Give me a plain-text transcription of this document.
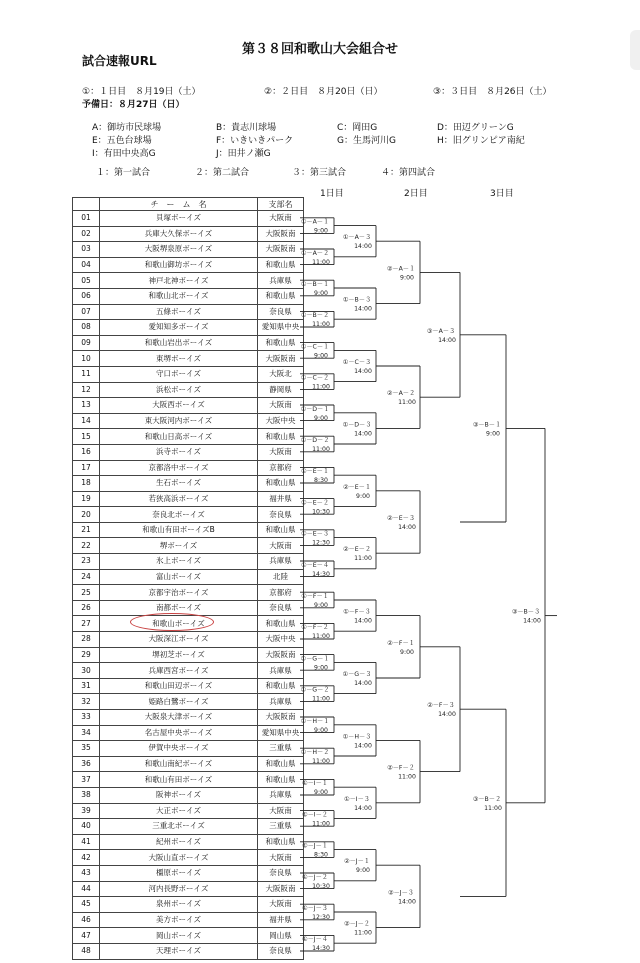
第３８回和歌山大会組合せ
試合速報URL
①：１日目　８月19日（土）	②：２日目　８月20日（日）	③：３日目　８月26日（土）
予備日：８月27日（日）
A：御坊市民球場	B：貴志川球場	C：岡田G	D：田辺グリーンG
E：五色台球場	F：いきいきパーク	G：生馬河川G	H：旧グリンピア南紀
I：有田中央高G	J：田井ノ瀬G
１：第一試合	２：第二試合	３：第三試合	４：第四試合
1日目	2日目	3日目
	チ　ー　ム　名	支部名
01	貝塚ボーイズ	大阪南
02	兵庫大久保ボーイズ	大阪阪南
03	大阪堺泉原ボーイズ	大阪阪南
04	和歌山御坊ボーイズ	和歌山県
05	神戸北神ボーイズ	兵庫県
06	和歌山北ボーイズ	和歌山県
07	五條ボーイズ	奈良県
08	愛知知多ボーイズ	愛知県中央
09	和歌山岩出ボーイズ	和歌山県
10	東堺ボーイズ	大阪阪南
11	守口ボーイズ	大阪北
12	浜松ボーイズ	静岡県
13	大阪西ボーイズ	大阪南
14	東大阪河内ボーイズ	大阪中央
15	和歌山日高ボーイズ	和歌山県
16	浜寺ボーイズ	大阪南
17	京都洛中ボーイズ	京都府
18	生石ボーイズ	和歌山県
19	若狭高浜ボーイズ	福井県
20	奈良北ボーイズ	奈良県
21	和歌山有田ボーイズB	和歌山県
22	堺ボーイズ	大阪南
23	氷上ボーイズ	兵庫県
24	富山ボーイズ	北陸
25	京都宇治ボーイズ	京都府
26	南都ボーイズ	奈良県
27	和歌山ボーイズ	和歌山県
28	大阪深江ボーイズ	大阪中央
29	堺初芝ボーイズ	大阪阪南
30	兵庫西宮ボーイズ	兵庫県
31	和歌山田辺ボーイズ	和歌山県
32	姫路白鷺ボーイズ	兵庫県
33	大阪泉大津ボーイズ	大阪阪南
34	名古屋中央ボーイズ	愛知県中央
35	伊賀中央ボーイズ	三重県
36	和歌山南紀ボーイズ	和歌山県
37	和歌山有田ボーイズ	和歌山県
38	阪神ボーイズ	兵庫県
39	大正ボーイズ	大阪南
40	三重北ボーイズ	三重県
41	紀州ボーイズ	和歌山県
42	大阪山直ボーイズ	大阪南
43	橿原ボーイズ	奈良県
44	河内長野ボーイズ	大阪阪南
45	泉州ボーイズ	大阪南
46	美方ボーイズ	福井県
47	岡山ボーイズ	岡山県
48	天理ボーイズ	奈良県
①－A－１
9:00
①－A－２
11:00
①－B－１
9:00
①－B－２
11:00
①－C－１
9:00
①－C－２
11:00
①－D－１
9:00
①－D－２
11:00
①－E－１
8:30
①－E－２
10:30
①－E－３
12:30
①－E－４
14:30
①－F－１
9:00
①－F－２
11:00
①－G－１
9:00
①－G－２
11:00
①－H－１
9:00
①－H－２
11:00
①－I－１
9:00
①－I－２
11:00
①－J－１
8:30
①－J－２
10:30
①－J－３
12:30
①－J－４
14:30
①－A－３
14:00
①－B－３
14:00
①－C－３
14:00
①－D－３
14:00
②－E－１
9:00
②－E－２
11:00
①－F－３
14:00
①－G－３
14:00
①－H－３
14:00
①－I－３
14:00
②－J－１
9:00
②－J－２
11:00
②－A－１
9:00
②－A－２
11:00
②－E－３
14:00
②－F－１
9:00
②－F－２
11:00
②－J－３
14:00
③－A－３
14:00
②－F－３
14:00
③－B－１
9:00
③－B－２
11:00
③－B－３
14:00
